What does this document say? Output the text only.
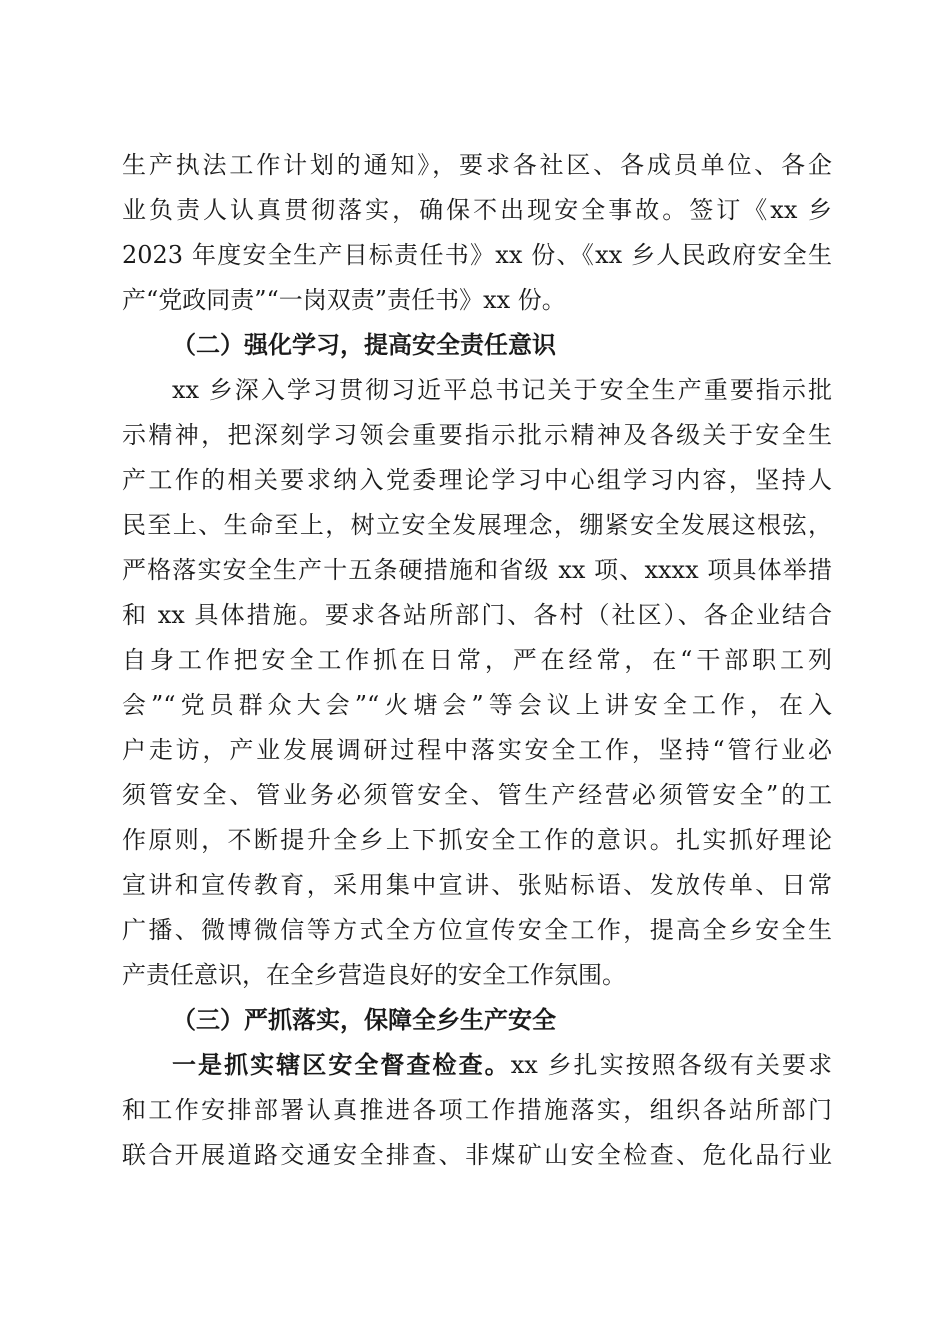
生产执法工作计划的通知》，要求各社区、各成员单位、各企

业负责人认真贯彻落实，确保不出现安全事故。签订《xx 乡

2023 年度安全生产目标责任书》xx 份、《xx 乡人民政府安全生

产“党政同责”“一岗双责”责任书》xx 份。

（二）强化学习，提高安全责任意识

xx 乡深入学习贯彻习近平总书记关于安全生产重要指示批

示精神，把深刻学习领会重要指示批示精神及各级关于安全生

产工作的相关要求纳入党委理论学习中心组学习内容，坚持人

民至上、生命至上，树立安全发展理念，绷紧安全发展这根弦，

严格落实安全生产十五条硬措施和省级 xx 项、xxxx 项具体举措

和 xx 具体措施。要求各站所部门、各村（社区）、各企业结合

自身工作把安全工作抓在日常，严在经常，在“干部职工列

会”“党员群众大会”“火塘会”等会议上讲安全工作，在入

户走访，产业发展调研过程中落实安全工作，坚持“管行业必

须管安全、管业务必须管安全、管生产经营必须管安全”的工

作原则，不断提升全乡上下抓安全工作的意识。扎实抓好理论

宣讲和宣传教育，采用集中宣讲、张贴标语、发放传单、日常

广播、微博微信等方式全方位宣传安全工作，提高全乡安全生

产责任意识，在全乡营造良好的安全工作氛围。

（三）严抓落实，保障全乡生产安全

一是抓实辖区安全督查检查。xx 乡扎实按照各级有关要求

和工作安排部署认真推进各项工作措施落实，组织各站所部门

联合开展道路交通安全排查、非煤矿山安全检查、危化品行业
